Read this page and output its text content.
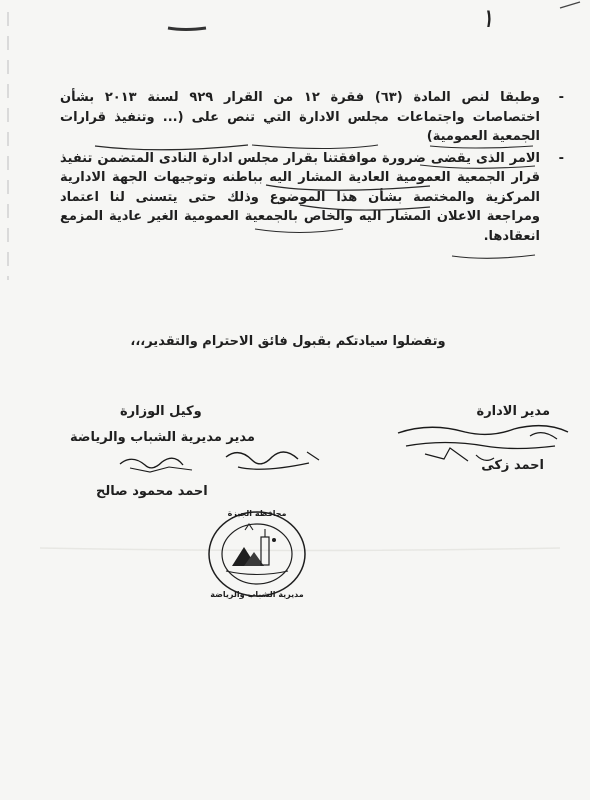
١
-
وطبقا لنص المادة (٦٣) فقرة ١٢ من القرار ٩٢٩ لسنة ٢٠١٣ بشأن اختصاصات واجتماعات مجلس الادارة التي تنص على (... وتنفيذ قرارات الجمعية العمومية)
-
الامر الذى يقضى ضرورة موافقتنا بقرار مجلس ادارة النادى المتضمن تنفيذ قرار الجمعية العمومية العادية المشار اليه بباطنه وتوجيهات الجهة الادارية المركزية والمختصة بشأن هذا الموضوع وذلك حتى يتسنى لنا اعتماد ومراجعة الاعلان المشار اليه والخاص بالجمعية العمومية الغير عادية المزمع انعقادها.
وتفضلوا سيادتكم بقبول فائق الاحترام والتقدير،،،
مدير الادارة
احمد زكى
وكيل الوزارة
مدير مديرية الشباب والرياضة
احمد محمود صالح
محافظة الجيزة
مديرية الشباب والرياضة
